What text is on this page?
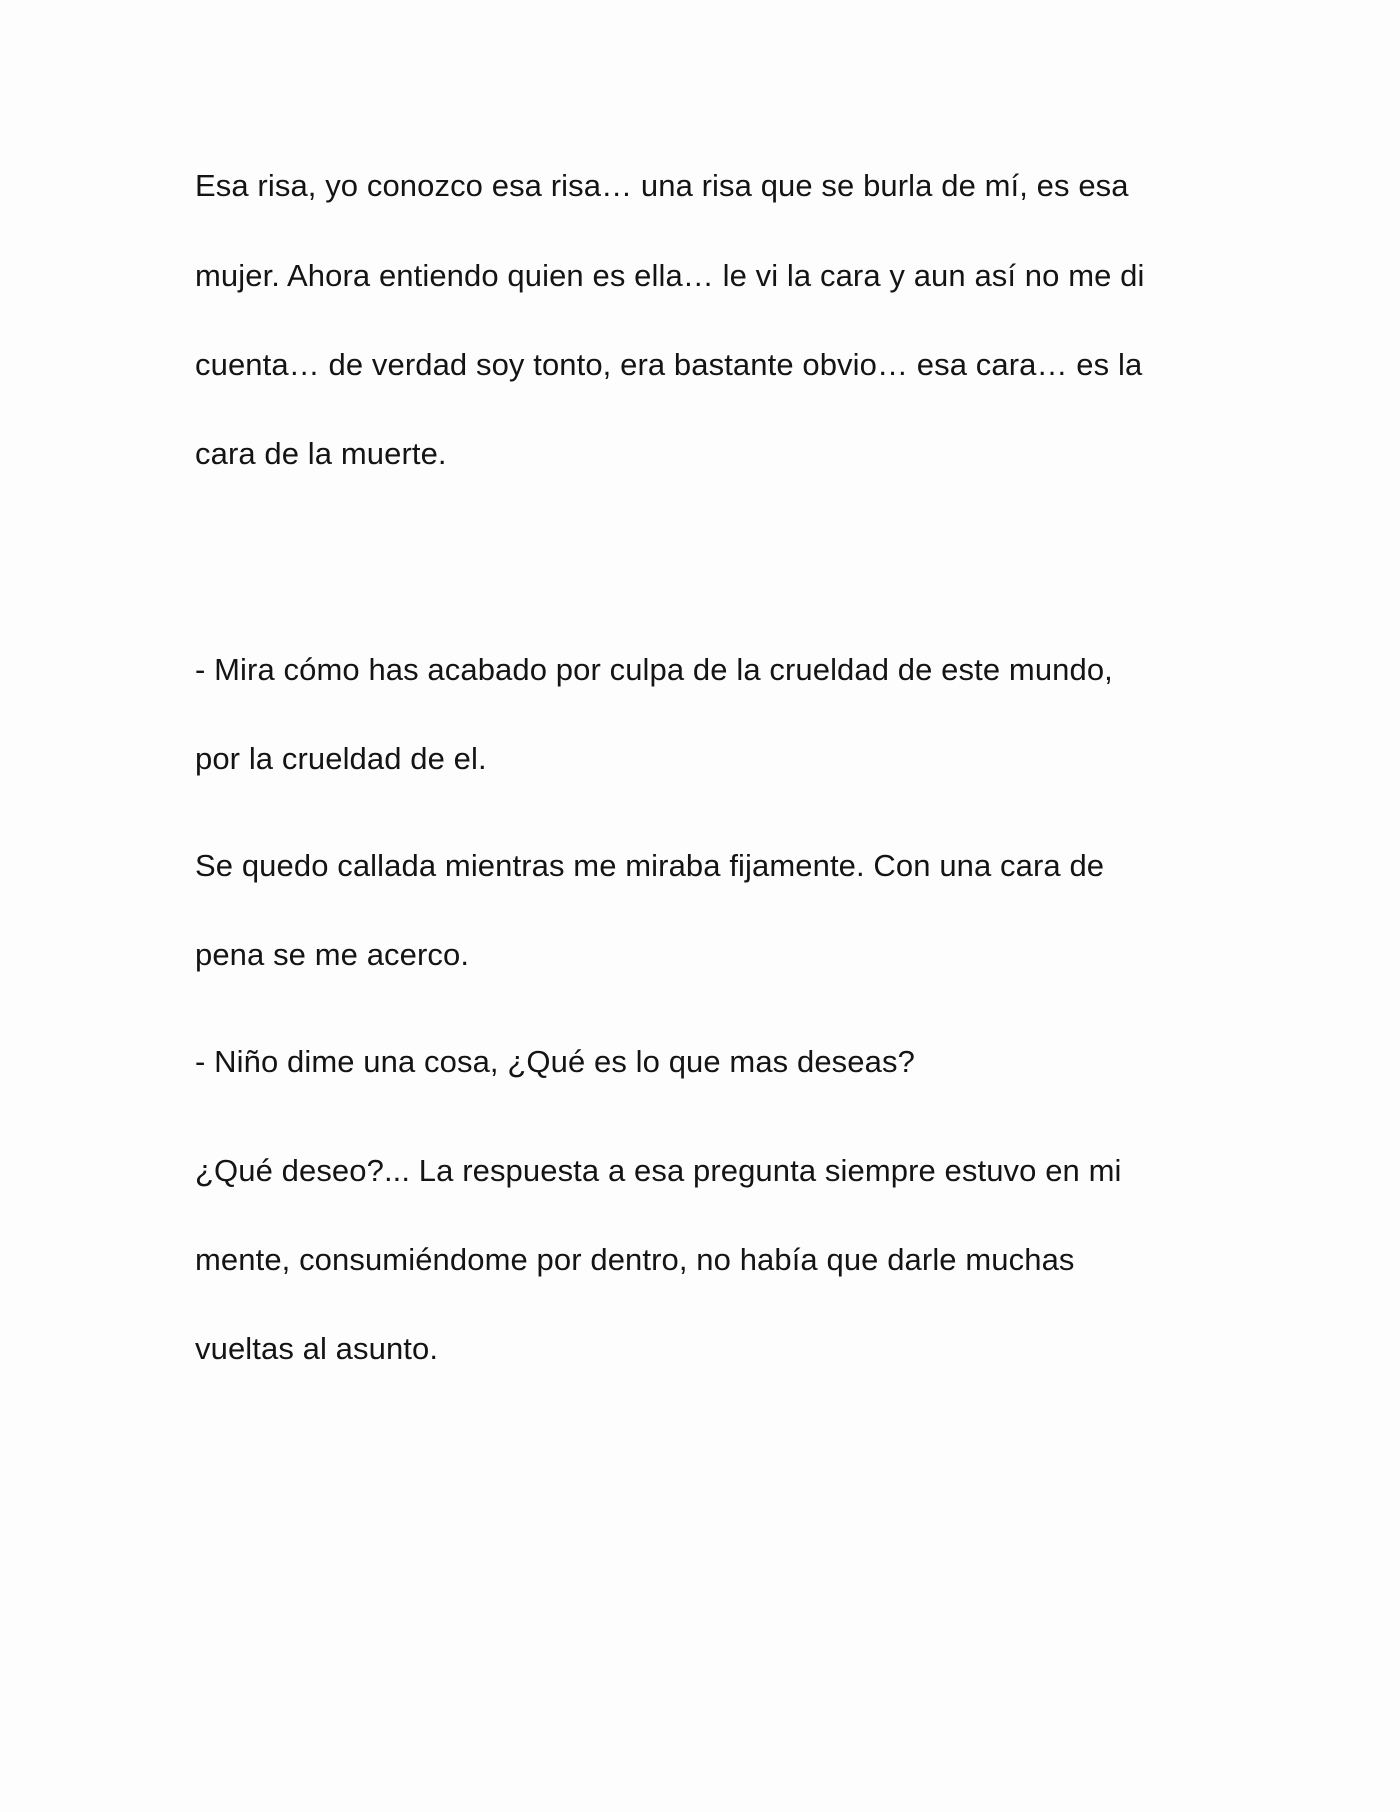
Esa risa, yo conozco esa risa… una risa que se burla de mí, es esa

mujer. Ahora entiendo quien es ella… le vi la cara y aun así no me di

cuenta… de verdad soy tonto, era bastante obvio… esa cara… es la

cara de la muerte.

- Mira cómo has acabado por culpa de la crueldad de este mundo,

por la crueldad de el.

Se quedo callada mientras me miraba fijamente. Con una cara de

pena se me acerco.

- Niño dime una cosa, ¿Qué es lo que mas deseas?

¿Qué deseo?... La respuesta a esa pregunta siempre estuvo en mi

mente, consumiéndome por dentro, no había que darle muchas

vueltas al asunto.
